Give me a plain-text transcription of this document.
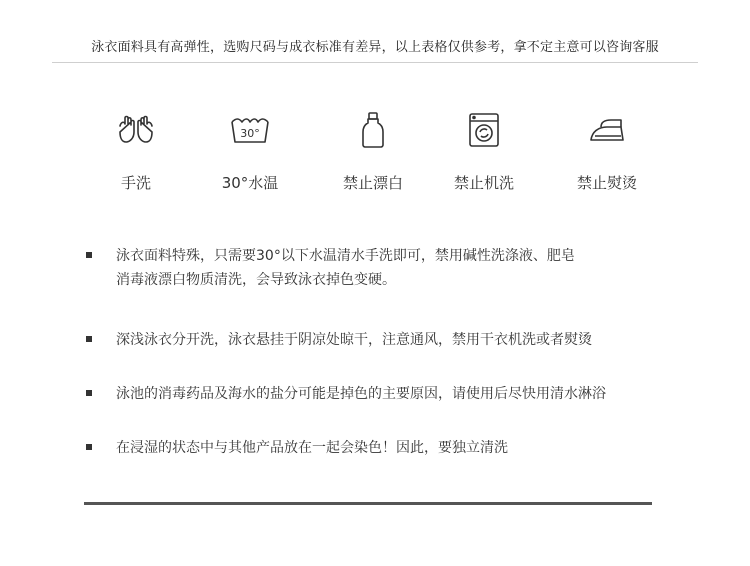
泳衣面料具有高弹性，选购尺码与成衣标准有差异，以上表格仅供参考，拿不定主意可以咨询客服
手洗
30°
30°水温	禁止漂白	禁止机洗	禁止熨烫
泳衣面料特殊，只需要30°以下水温清水手洗即可，禁用碱性洗涤液、肥皂
消毒液漂白物质清洗，会导致泳衣掉色变硬。
深浅泳衣分开洗，泳衣悬挂于阴凉处晾干，注意通风，禁用干衣机洗或者熨烫
泳池的消毒药品及海水的盐分可能是掉色的主要原因，请使用后尽快用清水淋浴
在浸湿的状态中与其他产品放在一起会染色！因此，要独立清洗
